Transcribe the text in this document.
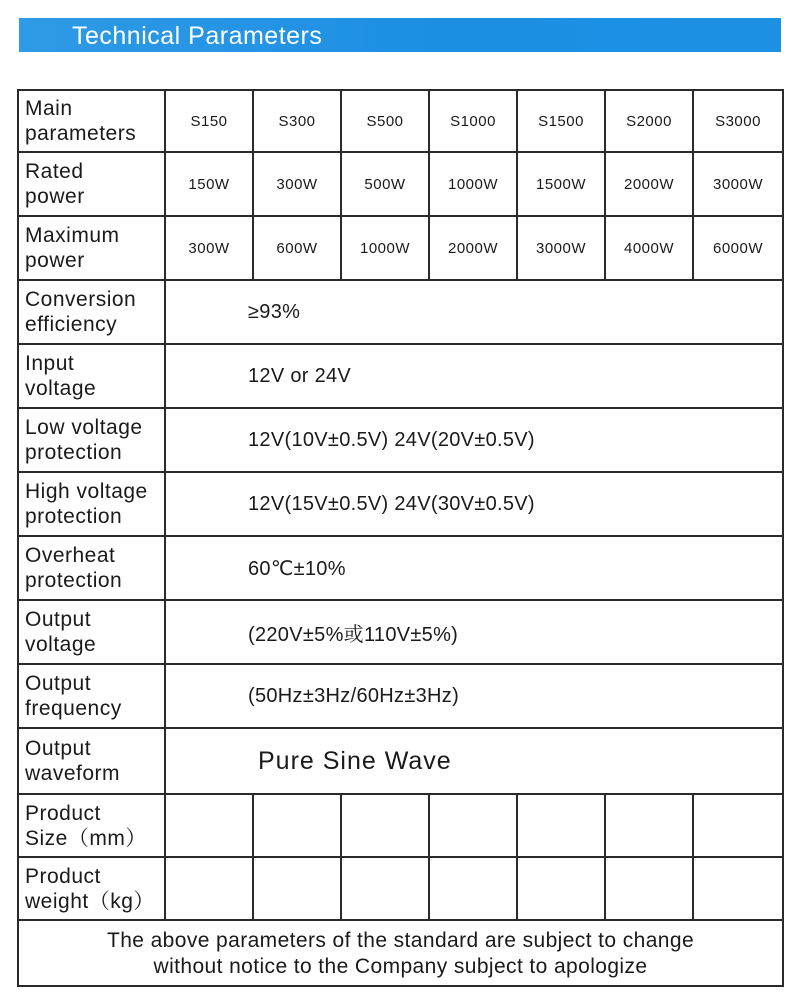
Technical Parameters
Main
parameters	S150	S300	S500	S1000	S1500	S2000	S3000
Rated
power	150W	300W	500W	1000W	1500W	2000W	3000W
Maximum
power	300W	600W	1000W	2000W	3000W	4000W	6000W
Conversion
efficiency	≥93%						
Input
voltage	12V or 24V						
Low voltage
protection	12V(10V±0.5V) 24V(20V±0.5V)						
High voltage
protection	12V(15V±0.5V) 24V(30V±0.5V)						
Overheat
protection	60℃±10%						
Output
voltage	(220V±5%或110V±5%)						
Output
frequency	(50Hz±3Hz/60Hz±3Hz)						
Output
waveform	Pure Sine Wave						
Product
Size（mm）							
Product
weight（kg）							
The above parameters of the standard are subject to change
without notice to the Company subject to apologize							
